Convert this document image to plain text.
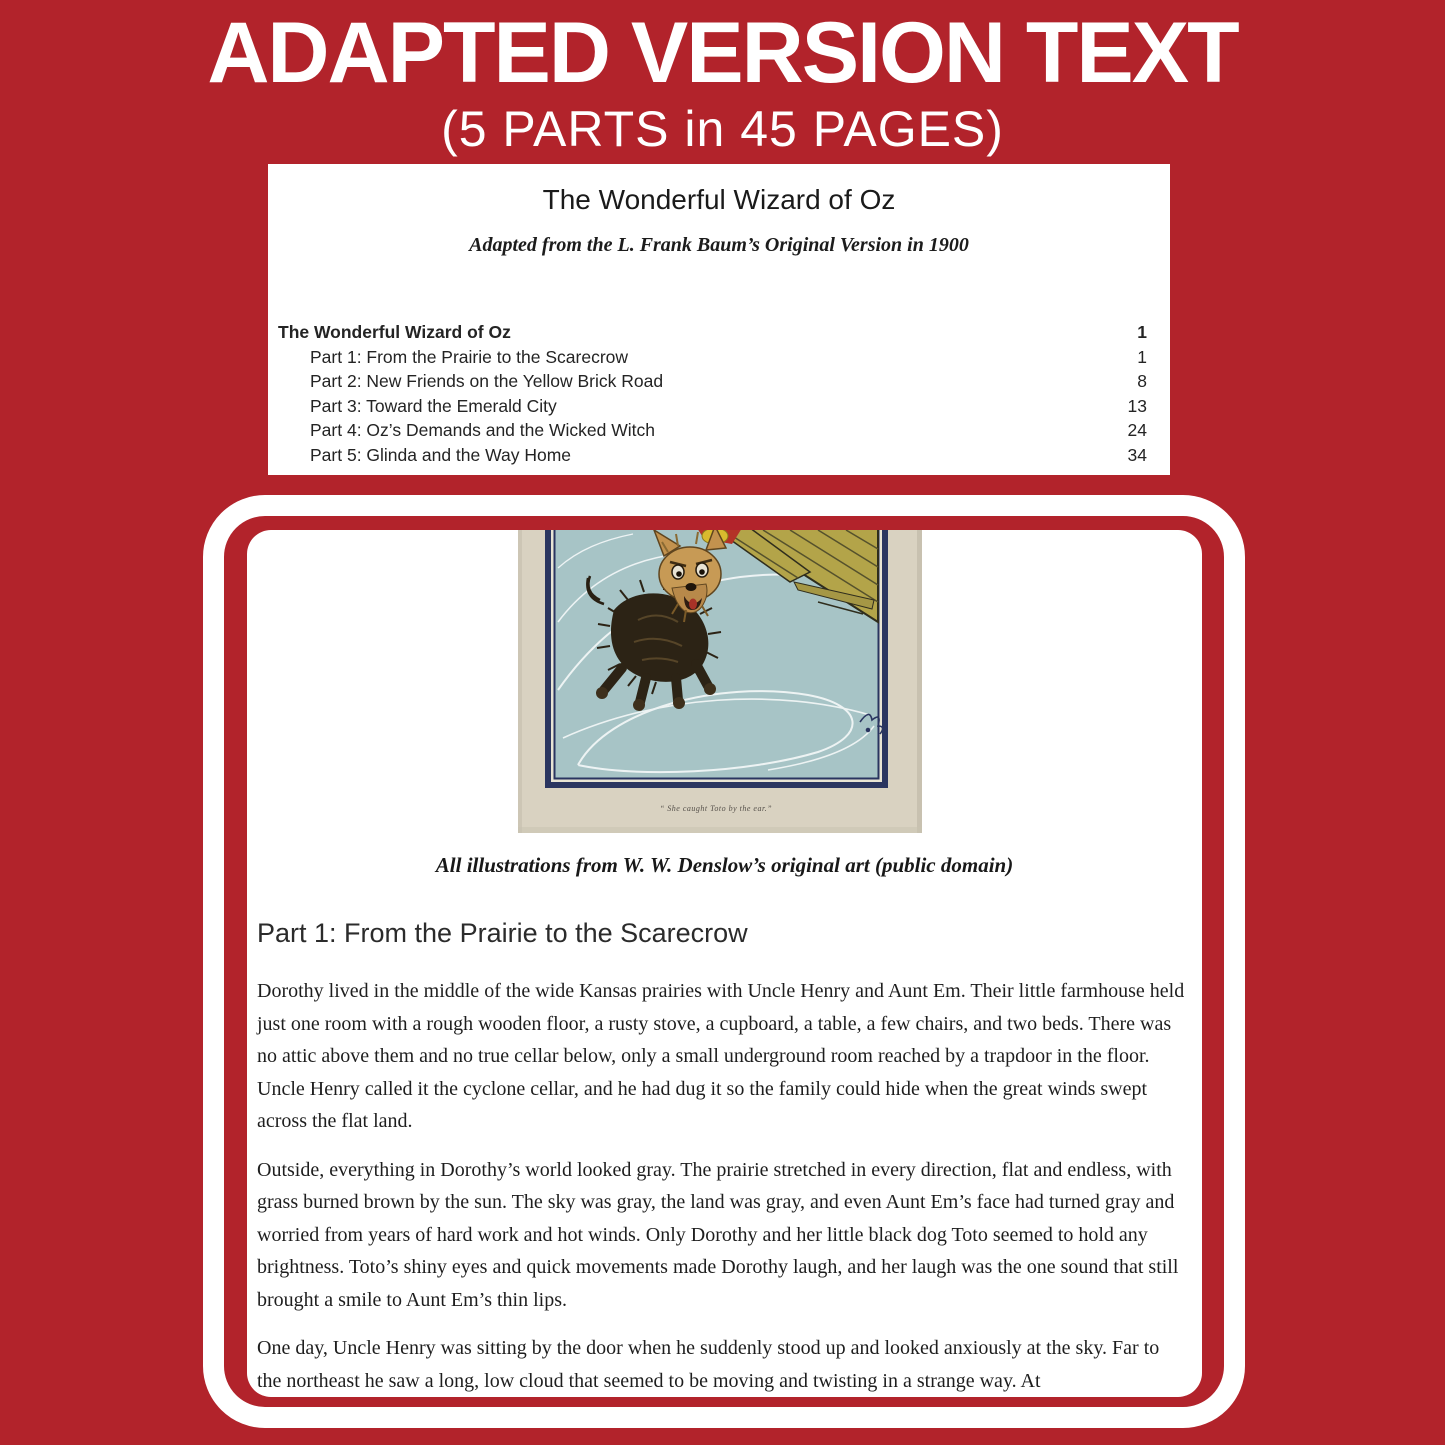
ADAPTED VERSION TEXT
(5 PARTS in 45 PAGES)
The Wonderful Wizard of Oz
Adapted from the L. Frank Baum’s Original Version in 1900
The Wonderful Wizard of Oz	1
Part 1: From the Prairie to the Scarecrow	1
Part 2: New Friends on the Yellow Brick Road	8
Part 3: Toward the Emerald City	13
Part 4: Oz’s Demands and the Wicked Witch	24
Part 5: Glinda and the Way Home	34
“ She caught Toto by the ear.”
All illustrations from W. W. Denslow’s original art (public domain)
Part 1: From the Prairie to the Scarecrow

Dorothy lived in the middle of the wide Kansas prairies with Uncle Henry and Aunt Em. Their little farmhouse held just one room with a rough wooden floor, a rusty stove, a cupboard, a table, a few chairs, and two beds. There was no attic above them and no true cellar below, only a small underground room reached by a trapdoor in the floor. Uncle Henry called it the cyclone cellar, and he had dug it so the family could hide when the great winds swept across the flat land.

Outside, everything in Dorothy’s world looked gray. The prairie stretched in every direction, flat and endless, with grass burned brown by the sun. The sky was gray, the land was gray, and even Aunt Em’s face had turned gray and worried from years of hard work and hot winds. Only Dorothy and her little black dog Toto seemed to hold any brightness. Toto’s shiny eyes and quick movements made Dorothy laugh, and her laugh was the one sound that still brought a smile to Aunt Em’s thin lips.

One day, Uncle Henry was sitting by the door when he suddenly stood up and looked anxiously at the sky. Far to the northeast he saw a long, low cloud that seemed to be moving and twisting in a strange way. At
